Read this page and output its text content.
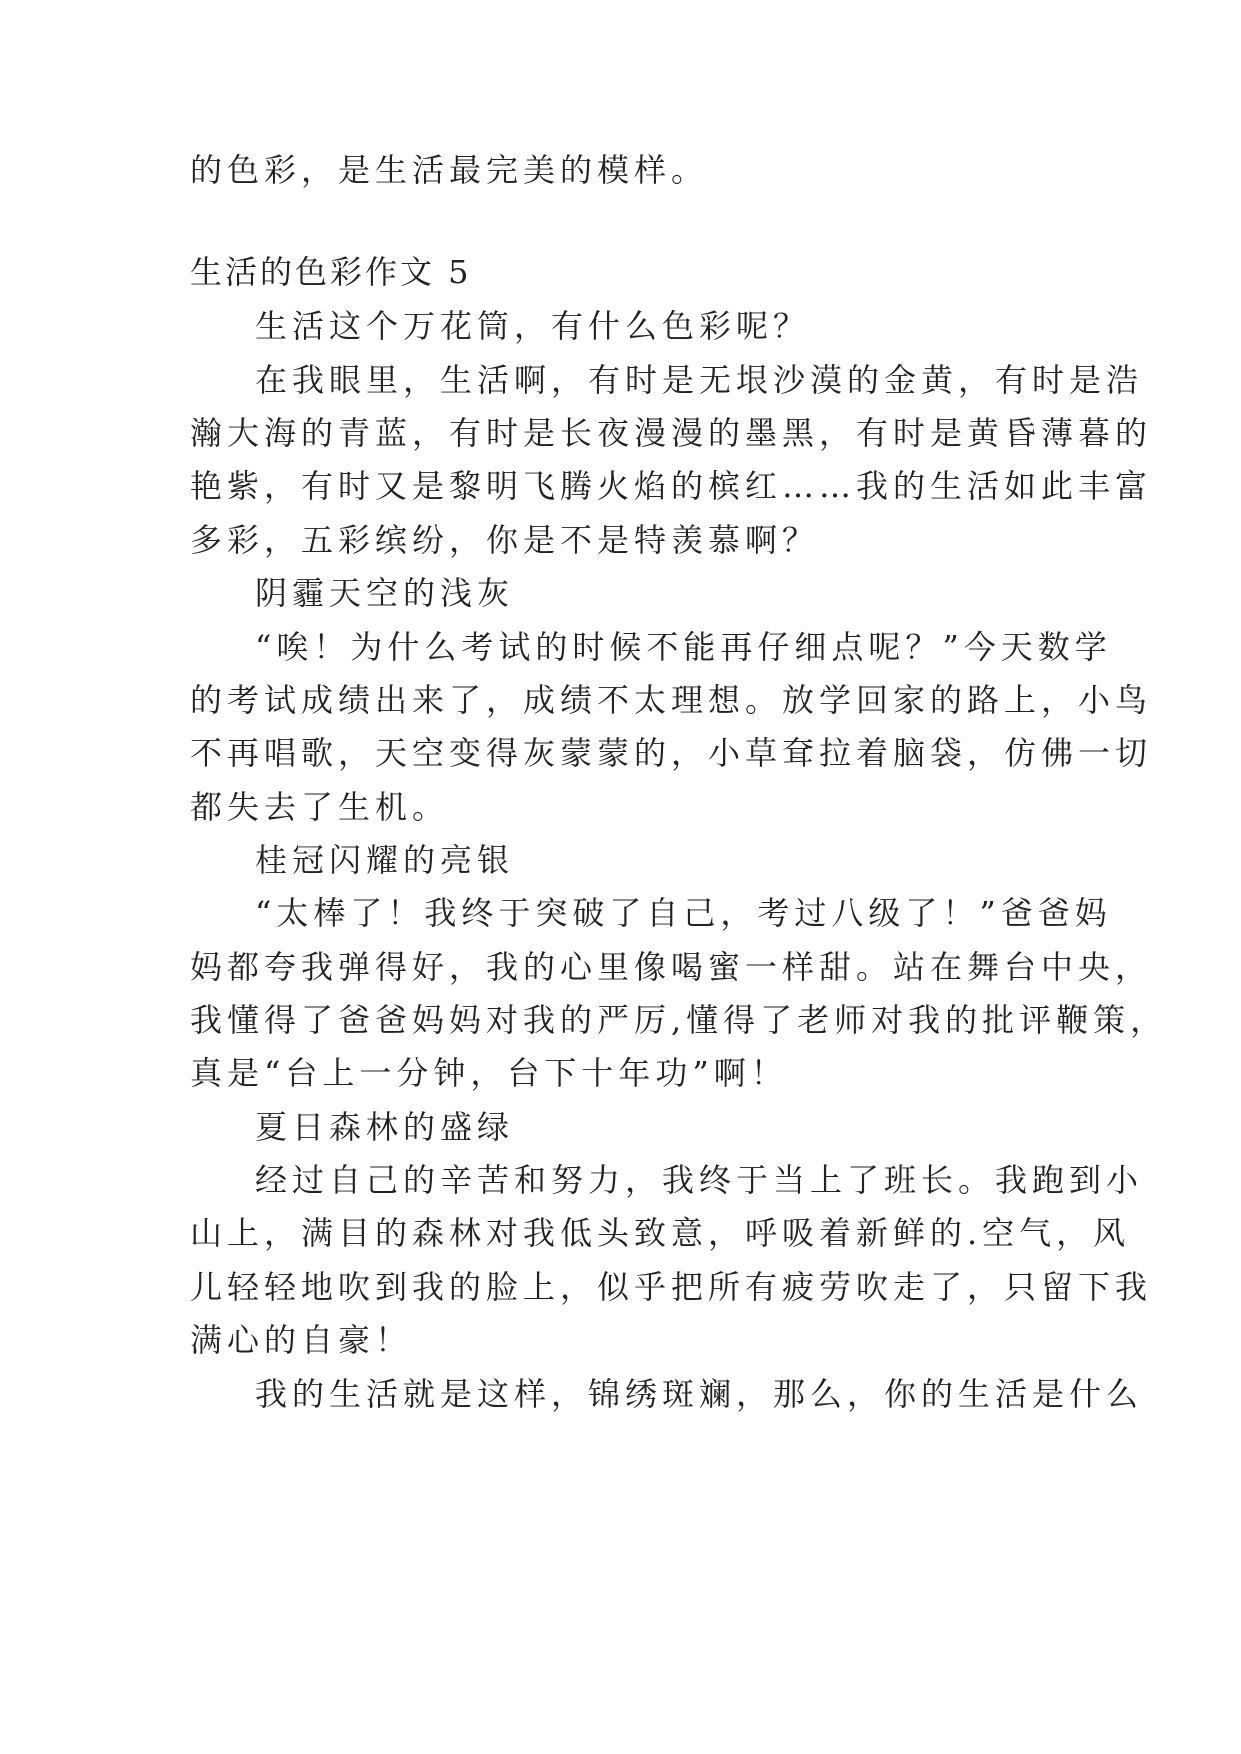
的色彩，是生活最完美的模样。
生活的色彩作文 5
生活这个万花筒，有什么色彩呢？
在我眼里，生活啊，有时是无垠沙漠的金黄，有时是浩
瀚大海的青蓝，有时是长夜漫漫的墨黑，有时是黄昏薄暮的
艳紫，有时又是黎明飞腾火焰的槟红……我的生活如此丰富
多彩，五彩缤纷，你是不是特羡慕啊？
阴霾天空的浅灰
“唉！为什么考试的时候不能再仔细点呢？”今天数学
的考试成绩出来了，成绩不太理想。放学回家的路上，小鸟
不再唱歌，天空变得灰蒙蒙的，小草耷拉着脑袋，仿佛一切
都失去了生机。
桂冠闪耀的亮银
“太棒了！我终于突破了自己，考过八级了！”爸爸妈
妈都夸我弹得好，我的心里像喝蜜一样甜。站在舞台中央，
我懂得了爸爸妈妈对我的严厉,懂得了老师对我的批评鞭策，
真是“台上一分钟，台下十年功”啊！
夏日森林的盛绿
经过自己的辛苦和努力，我终于当上了班长。我跑到小
山上，满目的森林对我低头致意，呼吸着新鲜的.空气，风
儿轻轻地吹到我的脸上，似乎把所有疲劳吹走了，只留下我
满心的自豪！
我的生活就是这样，锦绣斑斓，那么，你的生活是什么
